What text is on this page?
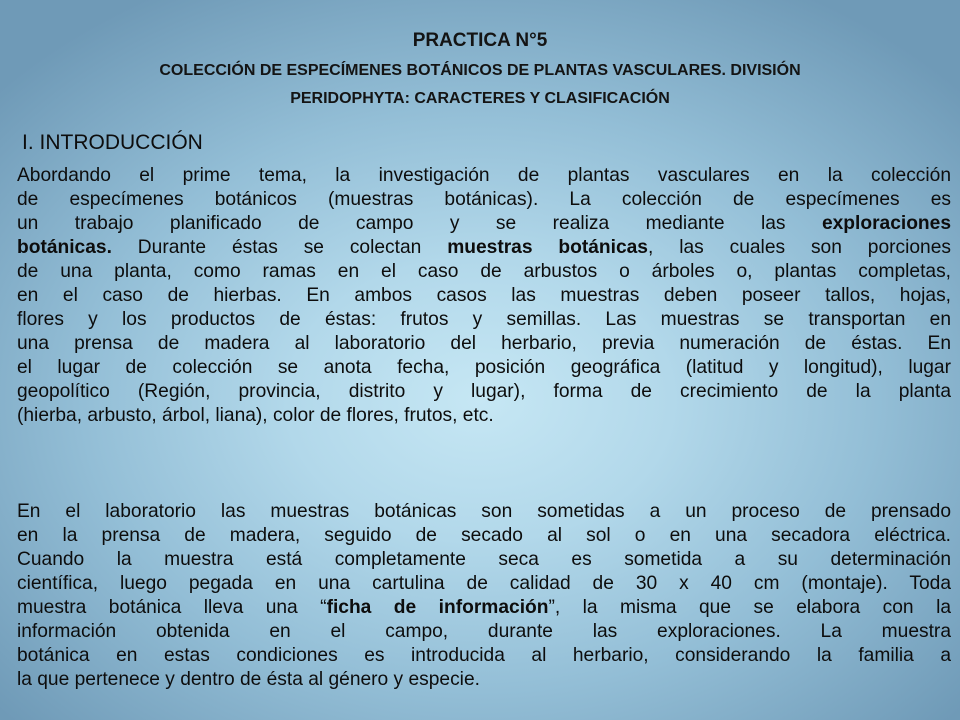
PRACTICA N°5
COLECCIÓN DE ESPECÍMENES BOTÁNICOS DE PLANTAS VASCULARES. DIVISIÓN
PERIDOPHYTA: CARACTERES Y CLASIFICACIÓN
I. INTRODUCCIÓN
Abordando el prime tema, la investigación de plantas vasculares en la colección
de especímenes botánicos (muestras botánicas). La colección de especímenes es
un trabajo planificado de campo y se realiza mediante las exploraciones
botánicas. Durante éstas se colectan muestras botánicas, las cuales son porciones
de una planta, como ramas en el caso de arbustos o árboles o, plantas completas,
en el caso de hierbas. En ambos casos las muestras deben poseer tallos, hojas,
flores y los productos de éstas: frutos y semillas. Las muestras se transportan en
una prensa de madera al laboratorio del herbario, previa numeración de éstas. En
el lugar de colección se anota fecha, posición geográfica (latitud y longitud), lugar
geopolítico (Región, provincia, distrito y lugar), forma de crecimiento de la planta
(hierba, arbusto, árbol, liana), color de flores, frutos, etc.
En el laboratorio las muestras botánicas son sometidas a un proceso de prensado
en la prensa de madera, seguido de secado al sol o en una secadora eléctrica.
Cuando la muestra está completamente seca es sometida a su determinación
científica, luego pegada en una cartulina de calidad de 30 x 40 cm (montaje). Toda
muestra botánica lleva una “ficha de información”, la misma que se elabora con la
información obtenida en el campo, durante las exploraciones. La muestra
botánica en estas condiciones es introducida al herbario, considerando la familia a
la que pertenece y dentro de ésta al género y especie.
